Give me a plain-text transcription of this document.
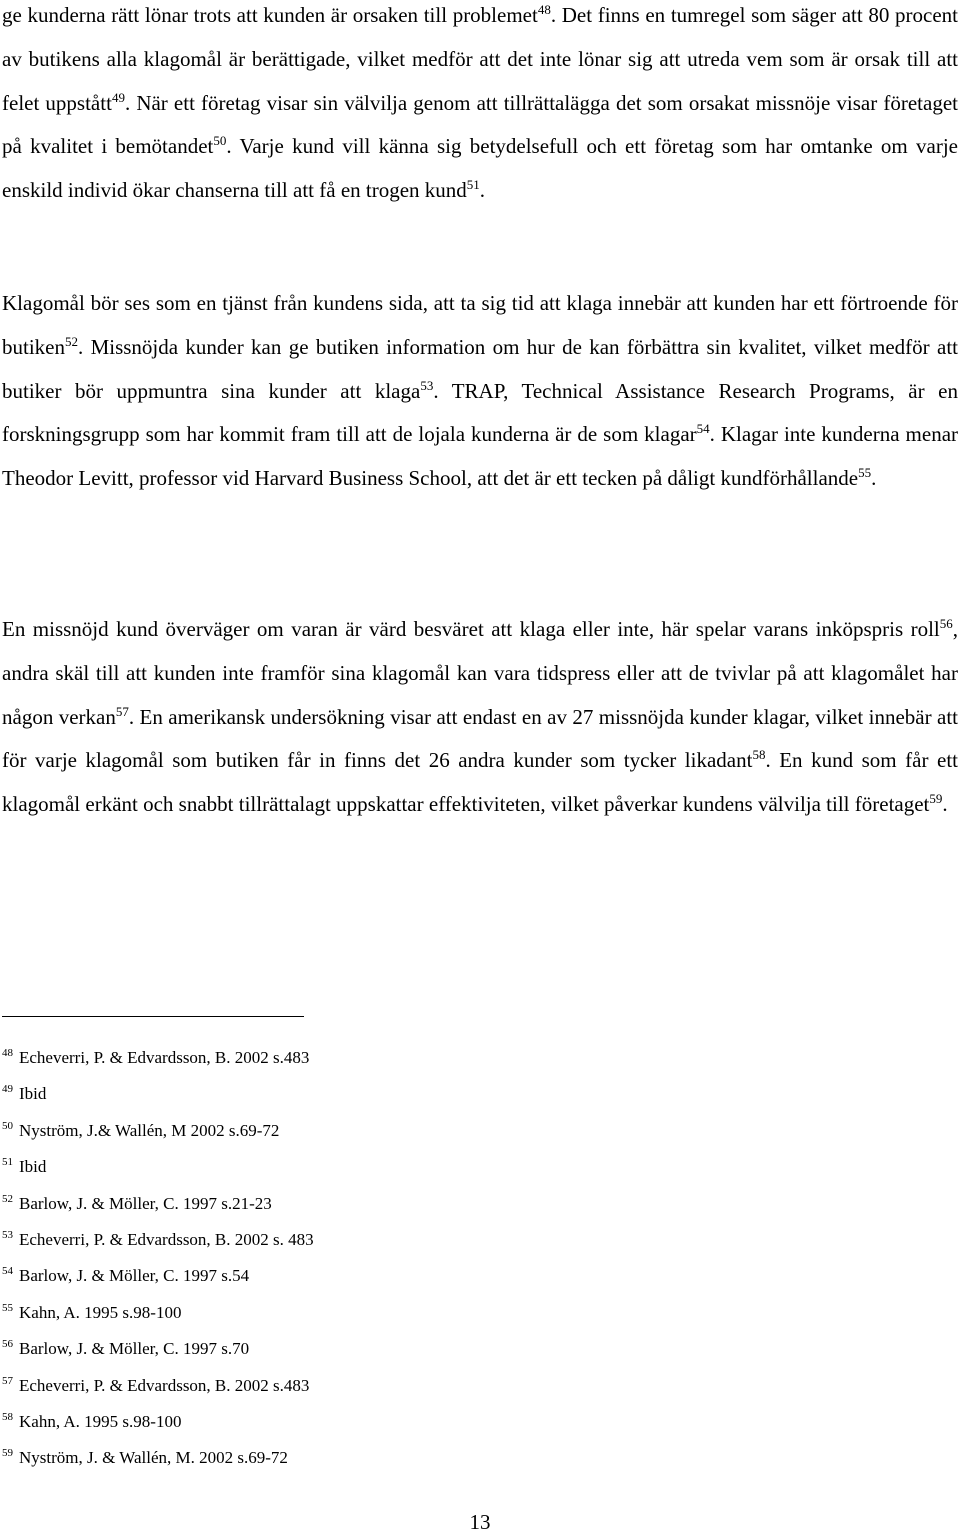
ge kunderna rätt lönar trots att kunden är orsaken till problemet$^{48}$. Det finns en tumregel som säger att 80 procent av butikens alla klagomål är berättigade, vilket medför att det inte lönar sig att utreda vem som är orsak till att felet uppstått$^{49}$. När ett företag visar sin välvilja genom att tillrättalägga det som orsakat missnöje visar företaget på kvalitet i bemötandet$^{50}$. Varje kund vill känna sig betydelsefull och ett företag som har omtanke om varje enskild individ ökar chanserna till att få en trogen kund$^{51}$.

Klagomål bör ses som en tjänst från kundens sida, att ta sig tid att klaga innebär att kunden har ett förtroende för butiken$^{52}$. Missnöjda kunder kan ge butiken information om hur de kan förbättra sin kvalitet, vilket medför att butiker bör uppmuntra sina kunder att klaga$^{53}$. TRAP, Technical Assistance Research Programs, är en forskningsgrupp som har kommit fram till att de lojala kunderna är de som klagar$^{54}$. Klagar inte kunderna menar Theodor Levitt, professor vid Harvard Business School, att det är ett tecken på dåligt kundförhållande$^{55}$.

En missnöjd kund överväger om varan är värd besväret att klaga eller inte, här spelar varans inköpspris roll$^{56}$, andra skäl till att kunden inte framför sina klagomål kan vara tidspress eller att de tvivlar på att klagomålet har någon verkan$^{57}$. En amerikansk undersökning visar att endast en av 27 missnöjda kunder klagar, vilket innebär att för varje klagomål som butiken får in finns det 26 andra kunder som tycker likadant$^{58}$. En kund som får ett klagomål erkänt och snabbt tillrättalagt uppskattar effektiviteten, vilket påverkar kundens välvilja till företaget$^{59}$.

$^{48}$ Echeverri, P. & Edvardsson, B. 2002 s.483
$^{49}$ Ibid
$^{50}$ Nyström, J.& Wallén, M 2002 s.69-72
$^{51}$ Ibid
$^{52}$ Barlow, J. & Möller, C. 1997 s.21-23
$^{53}$ Echeverri, P. & Edvardsson, B. 2002 s. 483
$^{54}$ Barlow, J. & Möller, C. 1997 s.54
$^{55}$ Kahn, A. 1995 s.98-100
$^{56}$ Barlow, J. & Möller, C. 1997 s.70
$^{57}$ Echeverri, P. & Edvardsson, B. 2002 s.483
$^{58}$ Kahn, A. 1995 s.98-100
$^{59}$ Nyström, J. & Wallén, M. 2002 s.69-72
13
